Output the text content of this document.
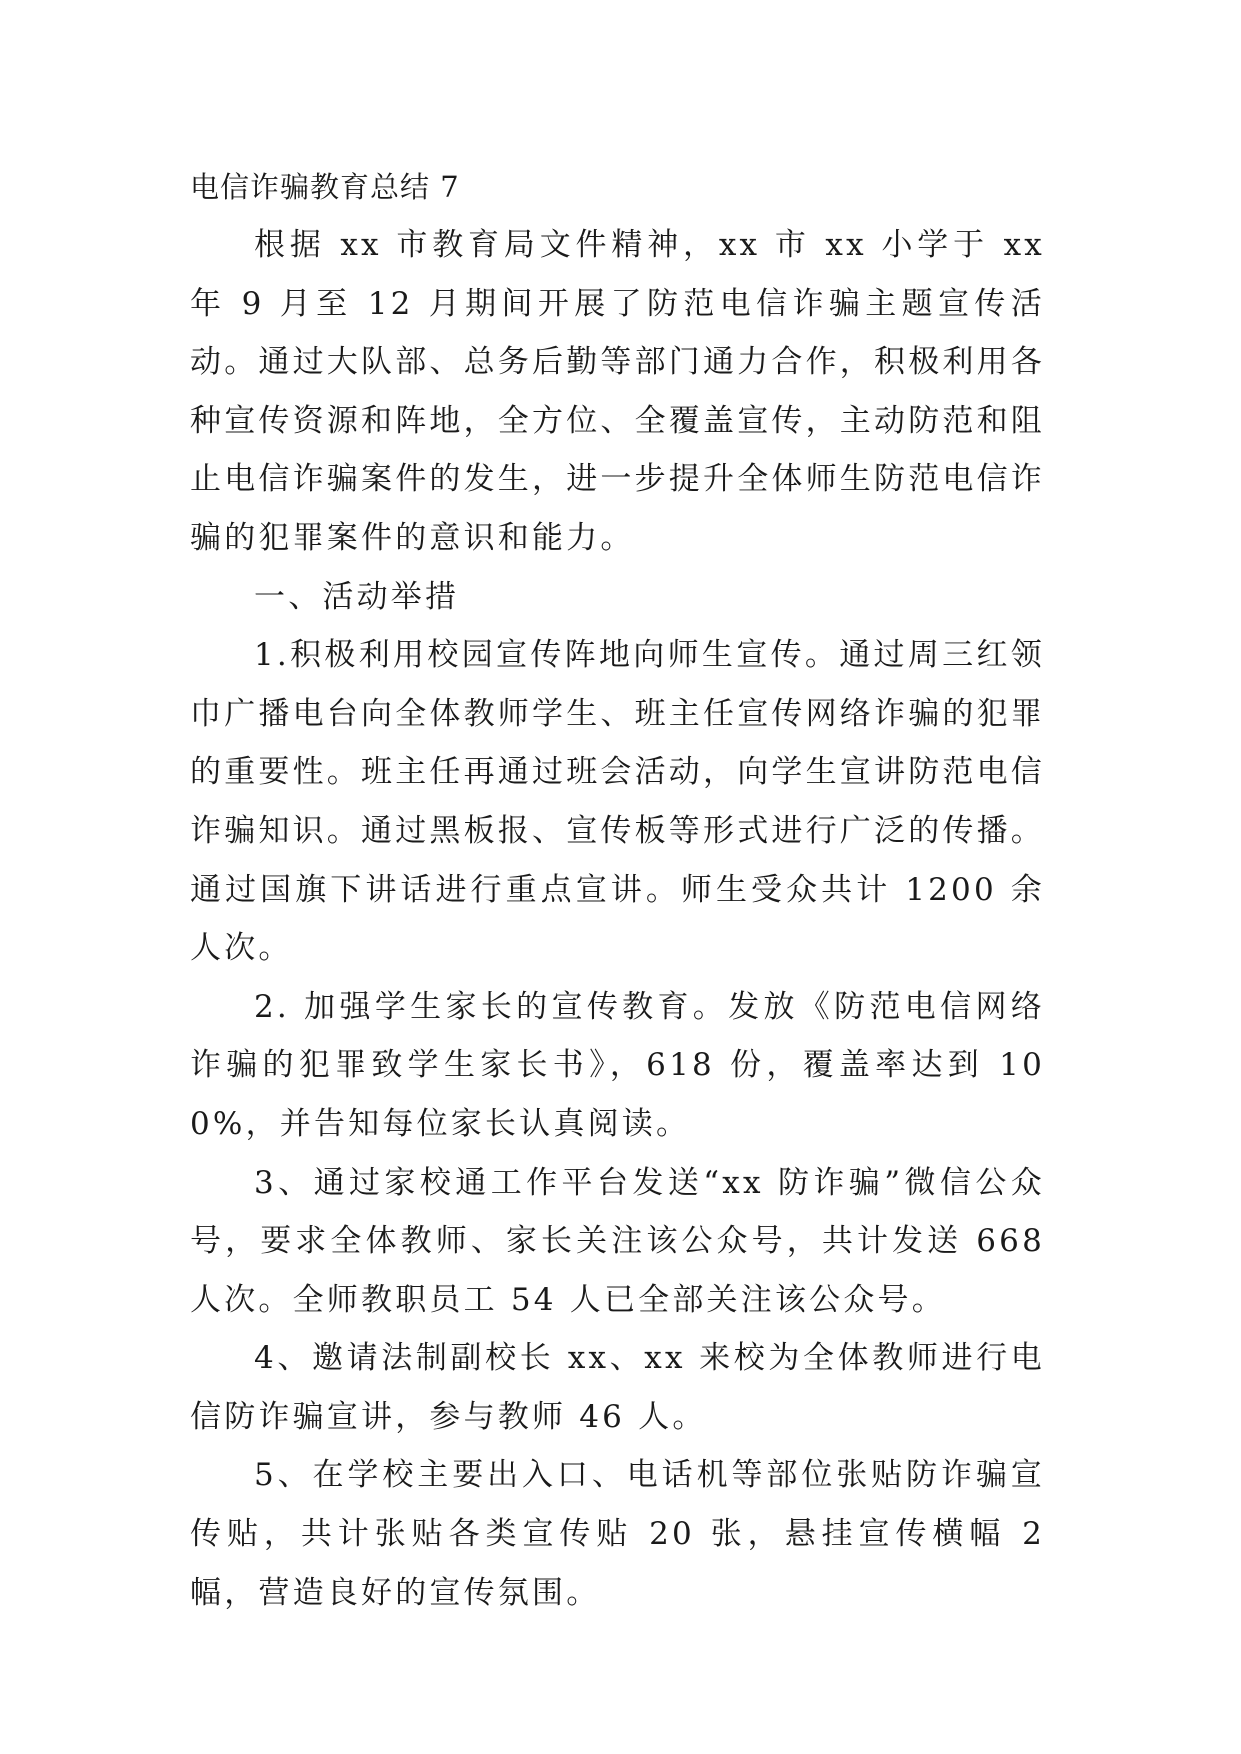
电信诈骗教育总结 7

根据 xx 市教育局文件精神，xx 市 xx 小学于 xx 年 9 月至 12 月期间开展了防范电信诈骗主题宣传活动。通过大队部、总务后勤等部门通力合作，积极利用各种宣传资源和阵地，全方位、全覆盖宣传，主动防范和阻止电信诈骗案件的发生，进一步提升全体师生防范电信诈骗的犯罪案件的意识和能力。

一、活动举措

1.积极利用校园宣传阵地向师生宣传。通过周三红领巾广播电台向全体教师学生、班主任宣传网络诈骗的犯罪的重要性。班主任再通过班会活动，向学生宣讲防范电信诈骗知识。通过黑板报、宣传板等形式进行广泛的传播。通过国旗下讲话进行重点宣讲。师生受众共计 1200 余人次。

2. 加强学生家长的宣传教育。发放《防范电信网络诈骗的犯罪致学生家长书》，618 份，覆盖率达到 100%，并告知每位家长认真阅读。

3、通过家校通工作平台发送“xx 防诈骗”微信公众号，要求全体教师、家长关注该公众号，共计发送 668 人次。全师教职员工 54 人已全部关注该公众号。

4、邀请法制副校长 xx、xx 来校为全体教师进行电信防诈骗宣讲，参与教师 46 人。

5、在学校主要出入口、电话机等部位张贴防诈骗宣传贴，共计张贴各类宣传贴 20 张，悬挂宣传横幅 2 幅，营造良好的宣传氛围。
